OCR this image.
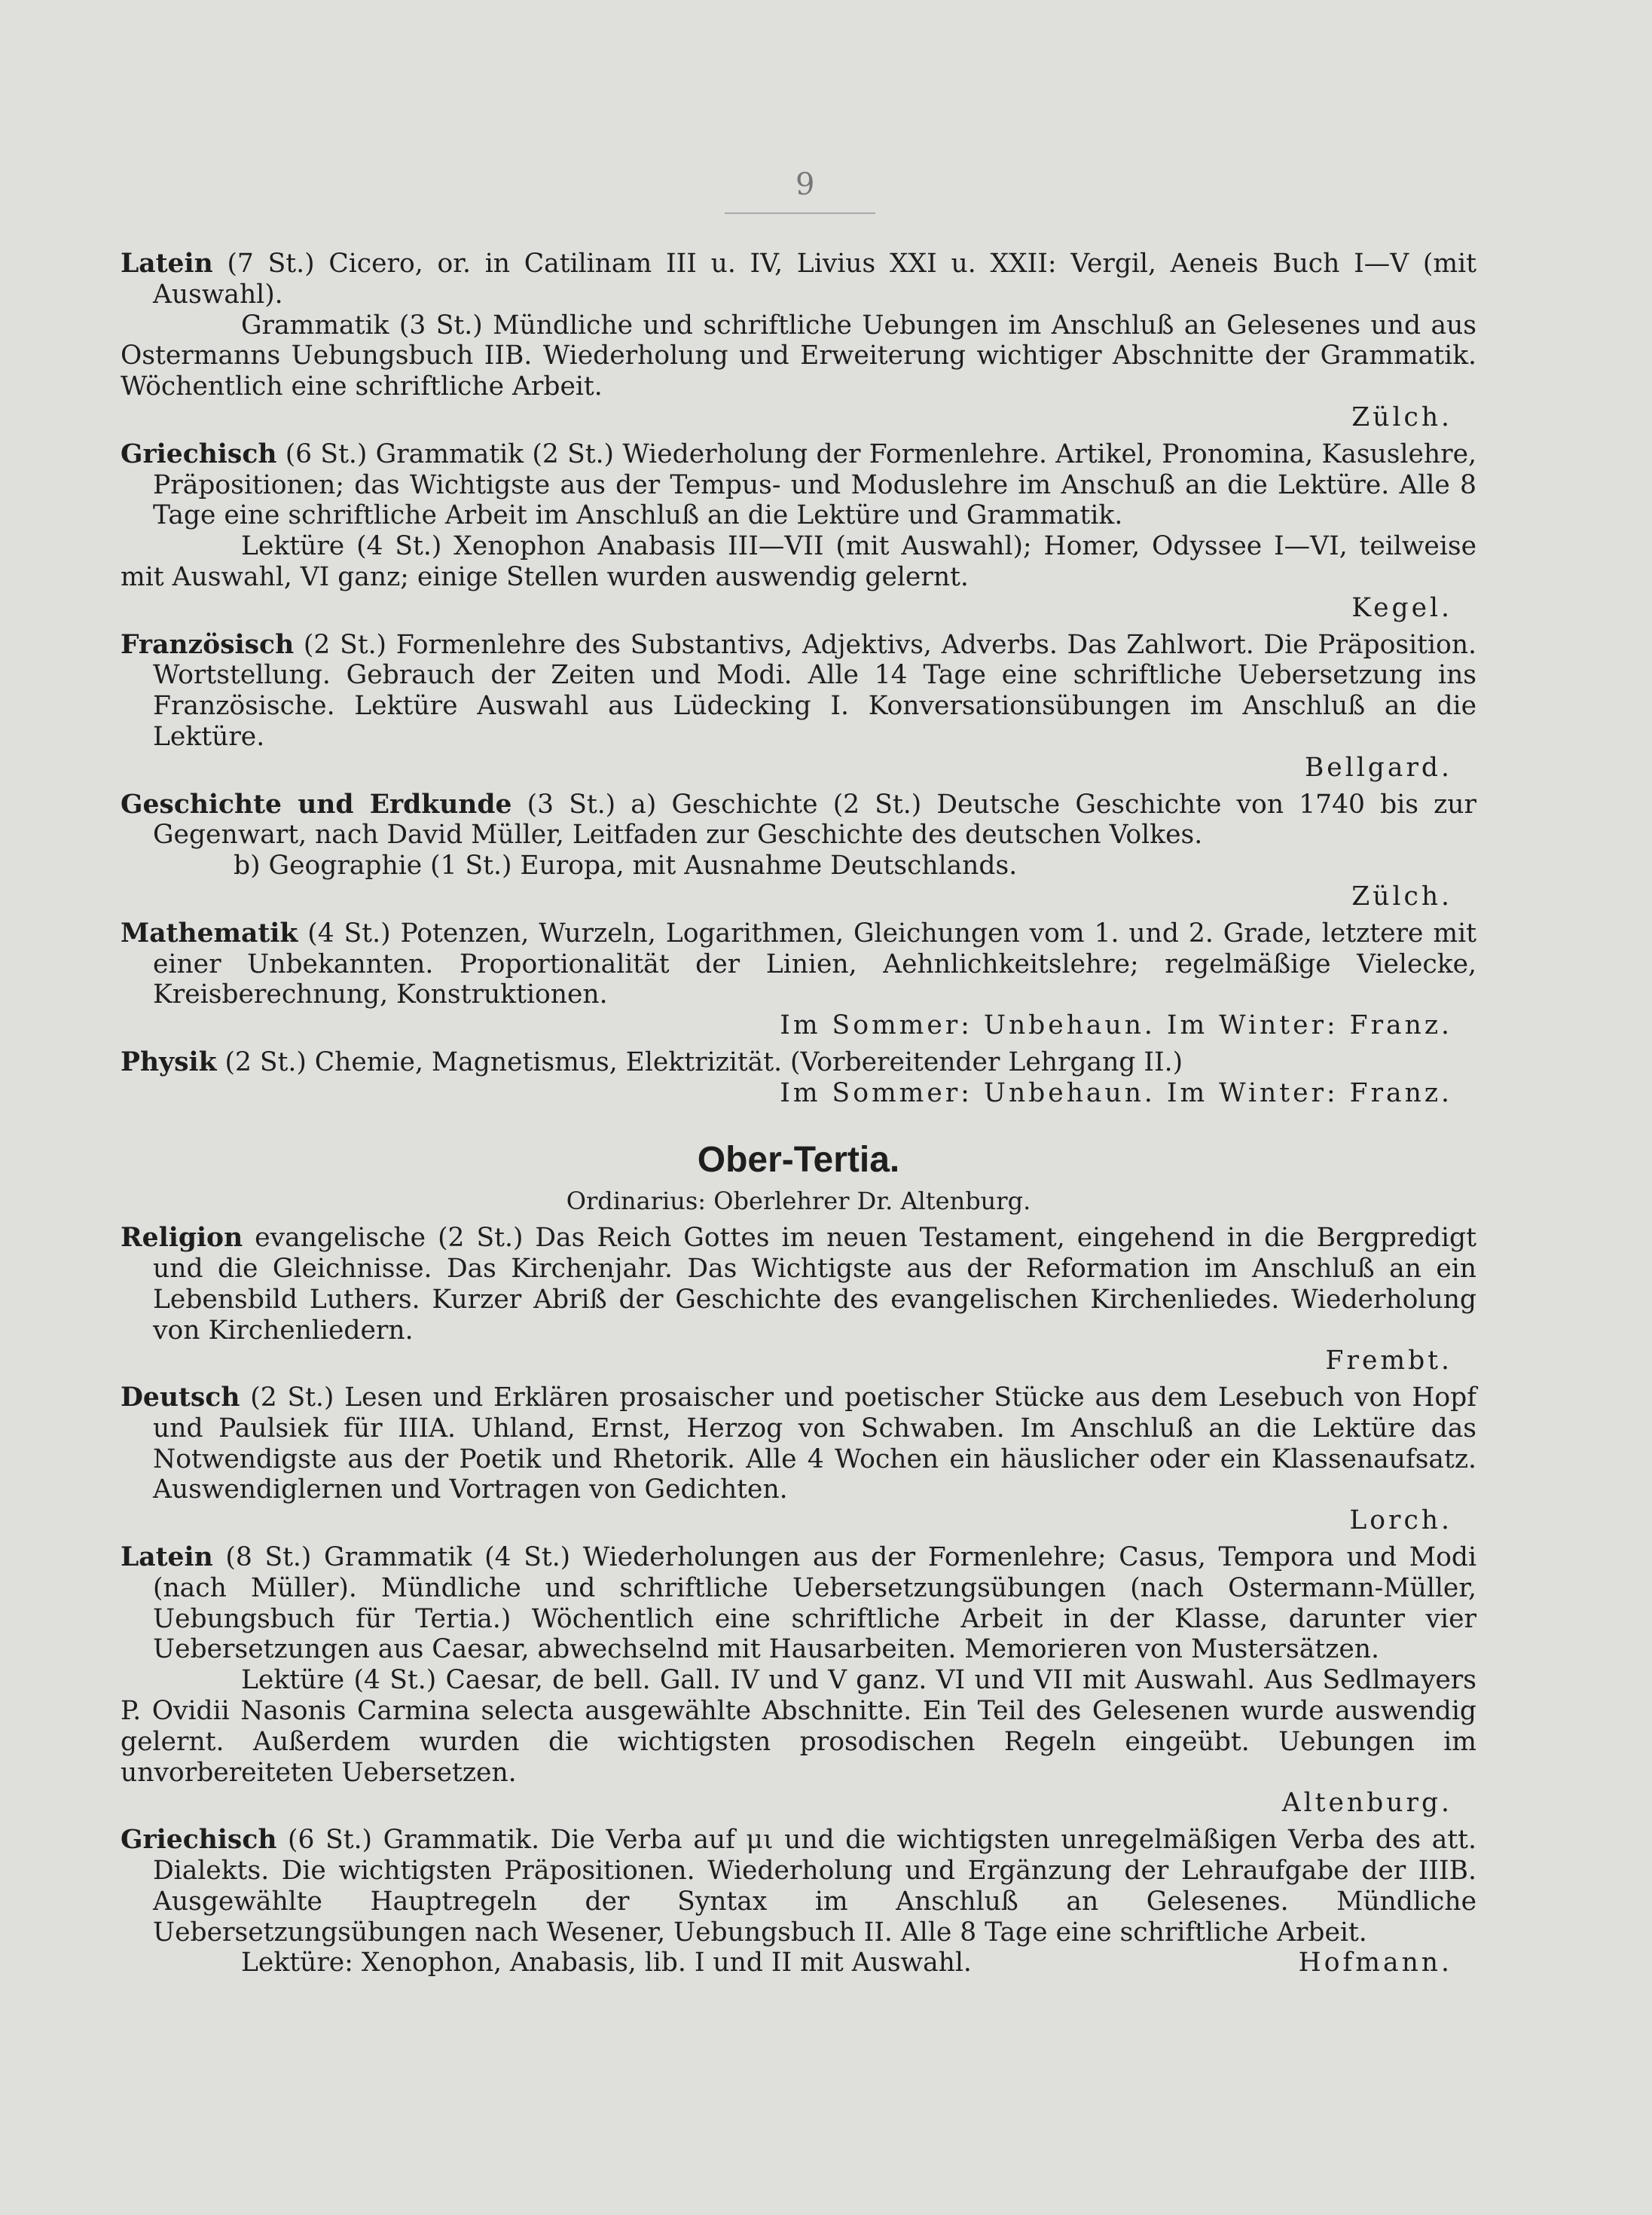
9

Latein (7 St.) Cicero, or. in Catilinam III u. IV, Livius XXI u. XXII: Vergil, Aeneis Buch I—V (mit Auswahl).

Grammatik (3 St.) Mündliche und schriftliche Uebungen im Anschluß an Gelesenes und aus Ostermanns Uebungsbuch IIB. Wiederholung und Erweiterung wichtiger Abschnitte der Grammatik. Wöchentlich eine schriftliche Arbeit.

Zülch.

Griechisch (6 St.) Grammatik (2 St.) Wiederholung der Formenlehre. Artikel, Pronomina, Kasuslehre, Präpositionen; das Wichtigste aus der Tempus- und Moduslehre im Anschuß an die Lektüre. Alle 8 Tage eine schriftliche Arbeit im Anschluß an die Lektüre und Grammatik.

Lektüre (4 St.) Xenophon Anabasis III—VII (mit Auswahl); Homer, Odyssee I—VI, teilweise mit Auswahl, VI ganz; einige Stellen wurden auswendig gelernt.

Kegel.

Französisch (2 St.) Formenlehre des Substantivs, Adjektivs, Adverbs. Das Zahlwort. Die Präposition. Wortstellung. Gebrauch der Zeiten und Modi. Alle 14 Tage eine schriftliche Uebersetzung ins Französische. Lektüre Auswahl aus Lüdecking I. Konversationsübungen im Anschluß an die Lektüre.

Bellgard.

Geschichte und Erdkunde (3 St.) a) Geschichte (2 St.) Deutsche Geschichte von 1740 bis zur Gegenwart, nach David Müller, Leitfaden zur Geschichte des deutschen Volkes.

b) Geographie (1 St.) Europa, mit Ausnahme Deutschlands.

Zülch.

Mathematik (4 St.) Potenzen, Wurzeln, Logarithmen, Gleichungen vom 1. und 2. Grade, letztere mit einer Unbekannten. Proportionalität der Linien, Aehnlichkeitslehre; regelmäßige Vielecke, Kreisberechnung, Konstruktionen.

Im Sommer: Unbehaun. Im Winter: Franz.

Physik (2 St.) Chemie, Magnetismus, Elektrizität. (Vorbereitender Lehrgang II.)

Im Sommer: Unbehaun. Im Winter: Franz.

Ober-Tertia.

Ordinarius: Oberlehrer Dr. Altenburg.

Religion evangelische (2 St.) Das Reich Gottes im neuen Testament, eingehend in die Bergpredigt und die Gleichnisse. Das Kirchenjahr. Das Wichtigste aus der Reformation im Anschluß an ein Lebensbild Luthers. Kurzer Abriß der Geschichte des evangelischen Kirchenliedes. Wiederholung von Kirchenliedern.

Frembt.

Deutsch (2 St.) Lesen und Erklären prosaischer und poetischer Stücke aus dem Lesebuch von Hopf und Paulsiek für IIIA. Uhland, Ernst, Herzog von Schwaben. Im Anschluß an die Lektüre das Notwendigste aus der Poetik und Rhetorik. Alle 4 Wochen ein häuslicher oder ein Klassenaufsatz. Auswendiglernen und Vortragen von Gedichten.

Lorch.

Latein (8 St.) Grammatik (4 St.) Wiederholungen aus der Formenlehre; Casus, Tempora und Modi (nach Müller). Mündliche und schriftliche Uebersetzungsübungen (nach Ostermann-Müller, Uebungsbuch für Tertia.) Wöchentlich eine schriftliche Arbeit in der Klasse, darunter vier Uebersetzungen aus Caesar, abwechselnd mit Hausarbeiten. Memorieren von Mustersätzen.

Lektüre (4 St.) Caesar, de bell. Gall. IV und V ganz. VI und VII mit Auswahl. Aus Sedlmayers P. Ovidii Nasonis Carmina selecta ausgewählte Abschnitte. Ein Teil des Gelesenen wurde auswendig gelernt. Außerdem wurden die wichtigsten prosodischen Regeln eingeübt. Uebungen im unvorbereiteten Uebersetzen.

Altenburg.

Griechisch (6 St.) Grammatik. Die Verba auf μι und die wichtigsten unregelmäßigen Verba des att. Dialekts. Die wichtigsten Präpositionen. Wiederholung und Ergänzung der Lehraufgabe der IIIB. Ausgewählte Hauptregeln der Syntax im Anschluß an Gelesenes. Mündliche Uebersetzungsübungen nach Wesener, Uebungsbuch II. Alle 8 Tage eine schriftliche Arbeit.

Lektüre: Xenophon, Anabasis, lib. I und II mit Auswahl.	Hofmann.
